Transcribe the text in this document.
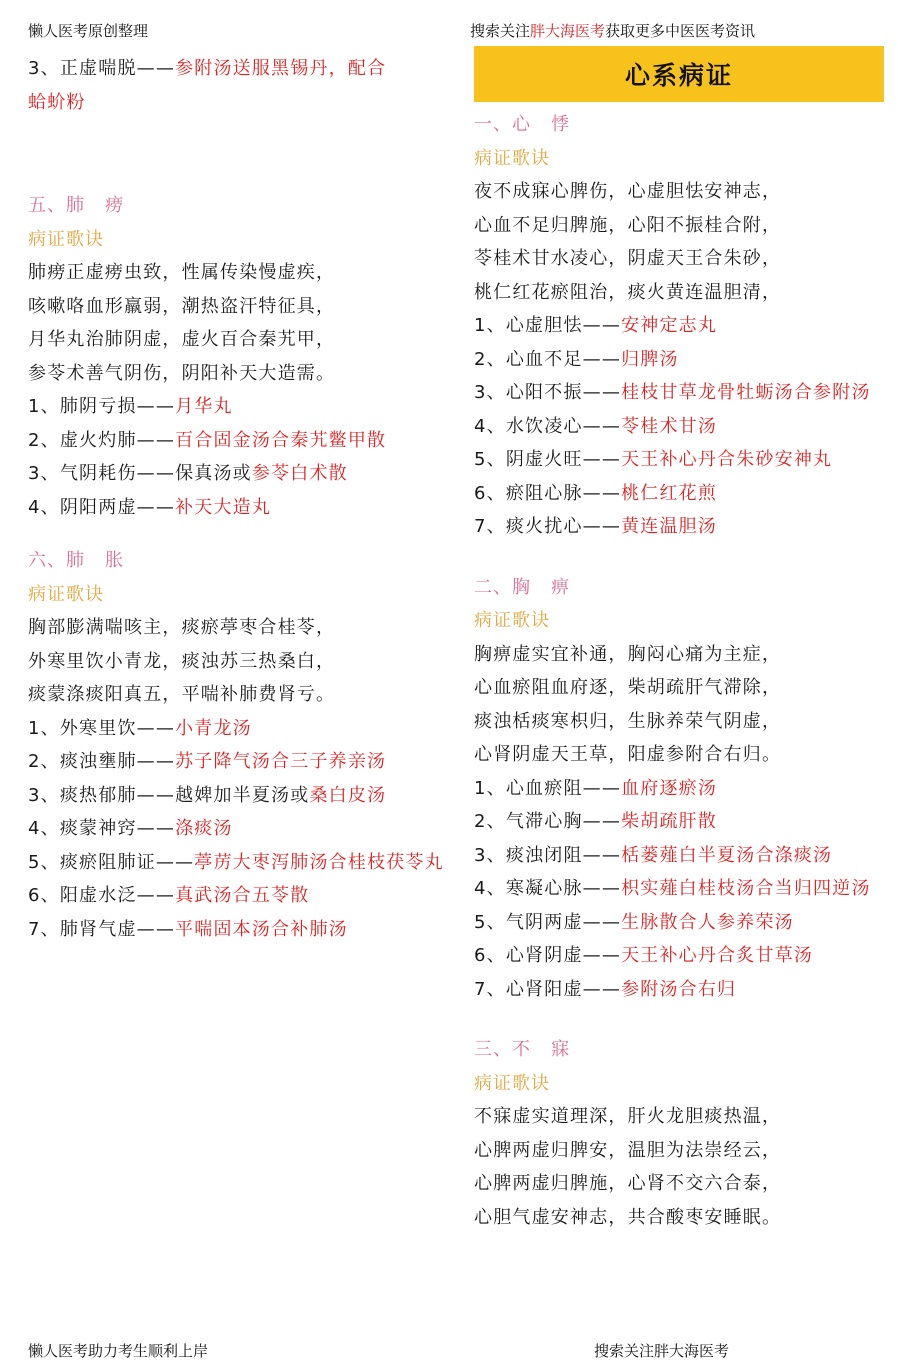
懒人医考原创整理	搜索关注胖大海医考获取更多中医医考资讯
3、正虚喘脱——参附汤送服黑锡丹，配合
蛤蚧粉
五、肺   痨
病证歌诀
肺痨正虚痨虫致，性属传染慢虚疾，
咳嗽咯血形羸弱，潮热盗汗特征具，
月华丸治肺阴虚，虚火百合秦艽甲，
参苓术善气阴伤，阴阳补天大造需。
1、肺阴亏损——月华丸
2、虚火灼肺——百合固金汤合秦艽鳖甲散
3、气阴耗伤——保真汤或参苓白术散
4、阴阳两虚——补天大造丸
六、肺   胀
病证歌诀
胸部膨满喘咳主，痰瘀葶枣合桂苓，
外寒里饮小青龙，痰浊苏三热桑白，
痰蒙涤痰阳真五，平喘补肺费肾亏。
1、外寒里饮——小青龙汤
2、痰浊壅肺——苏子降气汤合三子养亲汤
3、痰热郁肺——越婢加半夏汤或桑白皮汤
4、痰蒙神窍——涤痰汤
5、痰瘀阻肺证——葶苈大枣泻肺汤合桂枝茯苓丸
6、阳虚水泛——真武汤合五苓散
7、肺肾气虚——平喘固本汤合补肺汤
心系病证
一、心   悸
病证歌诀
夜不成寐心脾伤，心虚胆怯安神志，
心血不足归脾施，心阳不振桂合附，
苓桂术甘水凌心，阴虚天王合朱砂，
桃仁红花瘀阻治，痰火黄连温胆清，
1、心虚胆怯——安神定志丸
2、心血不足——归脾汤
3、心阳不振——桂枝甘草龙骨牡蛎汤合参附汤
4、水饮凌心——苓桂术甘汤
5、阴虚火旺——天王补心丹合朱砂安神丸
6、瘀阻心脉——桃仁红花煎
7、痰火扰心——黄连温胆汤
二、胸   痹
病证歌诀
胸痹虚实宜补通，胸闷心痛为主症，
心血瘀阻血府逐，柴胡疏肝气滞除，
痰浊栝痰寒枳归，生脉养荣气阴虚，
心肾阴虚天王草，阳虚参附合右归。
1、心血瘀阻——血府逐瘀汤
2、气滞心胸——柴胡疏肝散
3、痰浊闭阻——栝蒌薤白半夏汤合涤痰汤
4、寒凝心脉——枳实薤白桂枝汤合当归四逆汤
5、气阴两虚——生脉散合人参养荣汤
6、心肾阴虚——天王补心丹合炙甘草汤
7、心肾阳虚——参附汤合右归
三、不   寐
病证歌诀
不寐虚实道理深，肝火龙胆痰热温，
心脾两虚归脾安，温胆为法崇经云，
心脾两虚归脾施，心肾不交六合泰，
心胆气虚安神志，共合酸枣安睡眠。
懒人医考助力考生顺利上岸	搜索关注胖大海医考
